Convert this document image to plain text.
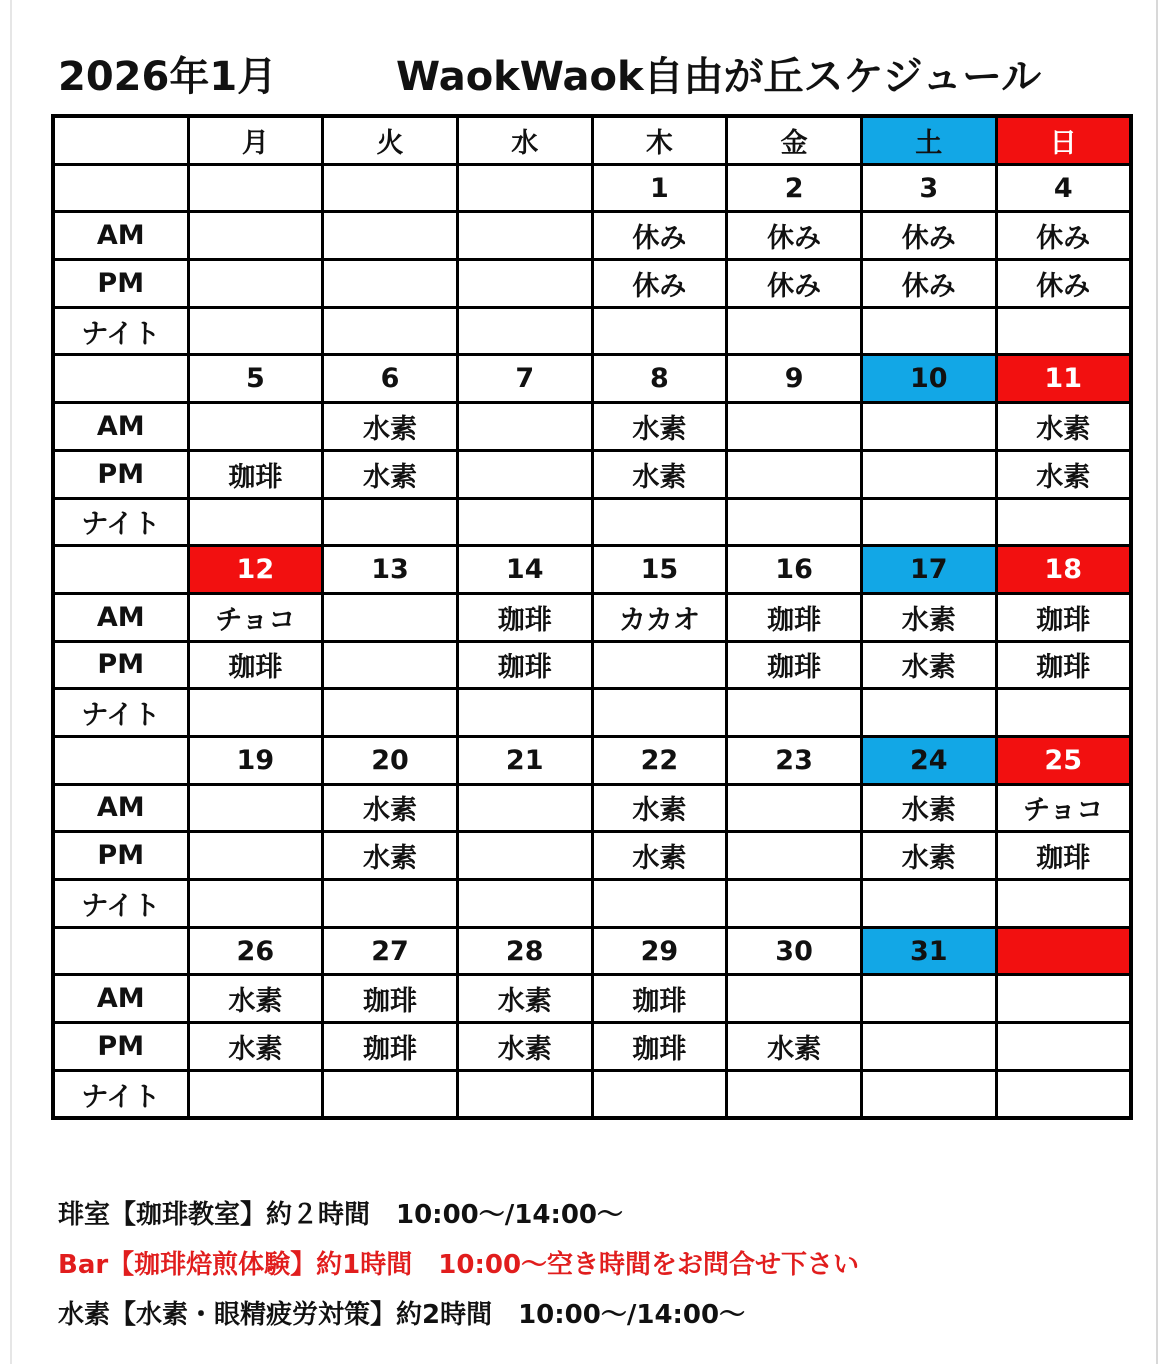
2026年1月	WaokWaok自由が丘スケジュール
	月	火	水	木	金	土	日
				1	2	3	4
AM				休み	休み	休み	休み
PM				休み	休み	休み	休み
ナイト							
	5	6	7	8	9	10	11
AM		水素		水素			水素
PM	珈琲	水素		水素			水素
ナイト							
	12	13	14	15	16	17	18
AM	チョコ		珈琲	カカオ	珈琲	水素	珈琲
PM	珈琲		珈琲		珈琲	水素	珈琲
ナイト							
	19	20	21	22	23	24	25
AM		水素		水素		水素	チョコ
PM		水素		水素		水素	珈琲
ナイト							
	26	27	28	29	30	31	
AM	水素	珈琲	水素	珈琲			
PM	水素	珈琲	水素	珈琲	水素		
ナイト							
琲室【珈琲教室】約２時間　10:00～/14:00～
Bar【珈琲焙煎体験】約1時間　10:00～空き時間をお問合せ下さい
水素【水素・眼精疲労対策】約2時間　10:00～/14:00～
